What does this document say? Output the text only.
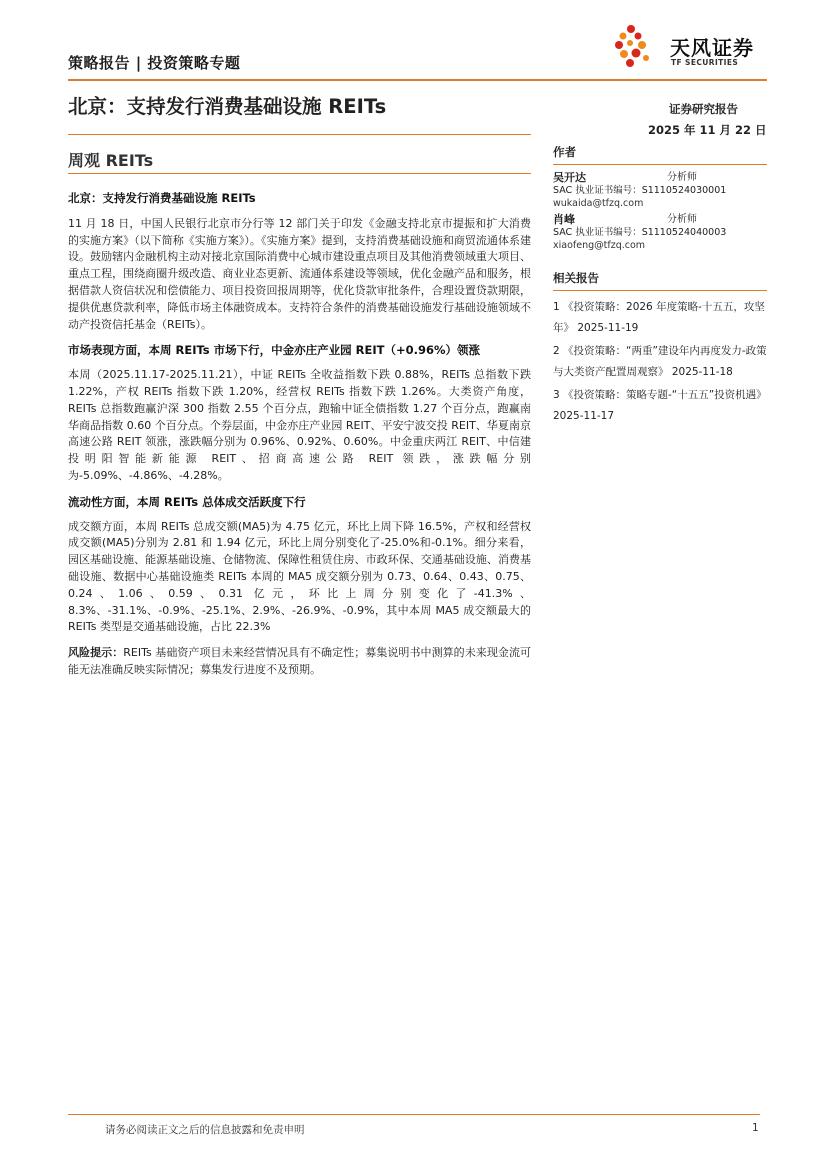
策略报告 | 投资策略专题
天风证券
TF SECURITIES
北京：支持发行消费基础设施 REITs	证券研究报告
2025 年 11 月 22 日
周观 REITs
北京：支持发行消费基础设施 REITs

11 月 18 日，中国人民银行北京市分行等 12 部门关于印发《金融支持北京市提振和扩大消费的实施方案》（以下简称《实施方案》）。《实施方案》提到，支持消费基础设施和商贸流通体系建设。鼓励辖内金融机构主动对接北京国际消费中心城市建设重点项目及其他消费领域重大项目、重点工程，围绕商圈升级改造、商业业态更新、流通体系建设等领域，优化金融产品和服务，根据借款人资信状况和偿债能力、项目投资回报周期等，优化贷款审批条件，合理设置贷款期限，提供优惠贷款利率，降低市场主体融资成本。支持符合条件的消费基础设施发行基础设施领域不动产投资信托基金（REITs）。

市场表现方面，本周 REITs 市场下行，中金亦庄产业园 REIT（+0.96%）领涨

本周（2025.11.17-2025.11.21），中证 REITs 全收益指数下跌 0.88%，REITs 总指数下跌 1.22%，产权 REITs 指数下跌 1.20%，经营权 REITs 指数下跌 1.26%。大类资产角度，REITs 总指数跑赢沪深 300 指数 2.55 个百分点，跑输中证全债指数 1.27 个百分点，跑赢南华商品指数 0.60 个百分点。个券层面，中金亦庄产业园 REIT、平安宁波交投 REIT、华夏南京高速公路 REIT 领涨，涨跌幅分别为 0.96%、0.92%、0.60%。中金重庆两江 REIT、中信建投明阳智能新能源 REIT、招商高速公路 REIT 领跌，涨跌幅分别为-5.09%、-4.86%、-4.28%。

流动性方面，本周 REITs 总体成交活跃度下行

成交额方面，本周 REITs 总成交额(MA5)为 4.75 亿元，环比上周下降 16.5%，产权和经营权成交额(MA5)分别为 2.81 和 1.94 亿元，环比上周分别变化了-25.0%和-0.1%。细分来看，园区基础设施、能源基础设施、仓储物流、保障性租赁住房、市政环保、交通基础设施、消费基础设施、数据中心基础设施类 REITs 本周的 MA5 成交额分别为 0.73、0.64、0.43、0.75、0.24、1.06、0.59、0.31 亿元，环比上周分别变化了-41.3%、8.3%、-31.1%、-0.9%、-25.1%、2.9%、-26.9%、-0.9%，其中本周 MA5 成交额最大的 REITs 类型是交通基础设施，占比 22.3%

风险提示：REITs 基础资产项目未来经营情况具有不确定性；募集说明书中测算的未来现金流可能无法准确反映实际情况；募集发行进度不及预期。

作者
吴开达	分析师
SAC 执业证书编号：S1110524030001
wukaida@tfzq.com
肖峰	分析师
SAC 执业证书编号：S1110524040003
xiaofeng@tfzq.com
相关报告
1 《投资策略：2026 年度策略-十五五，攻坚年》 2025-11-19
2 《投资策略：“两重”建设年内再度发力-政策与大类资产配置周观察》 2025-11-18
3 《投资策略：策略专题-“十五五”投资机遇》 2025-11-17
请务必阅读正文之后的信息披露和免责申明	1
